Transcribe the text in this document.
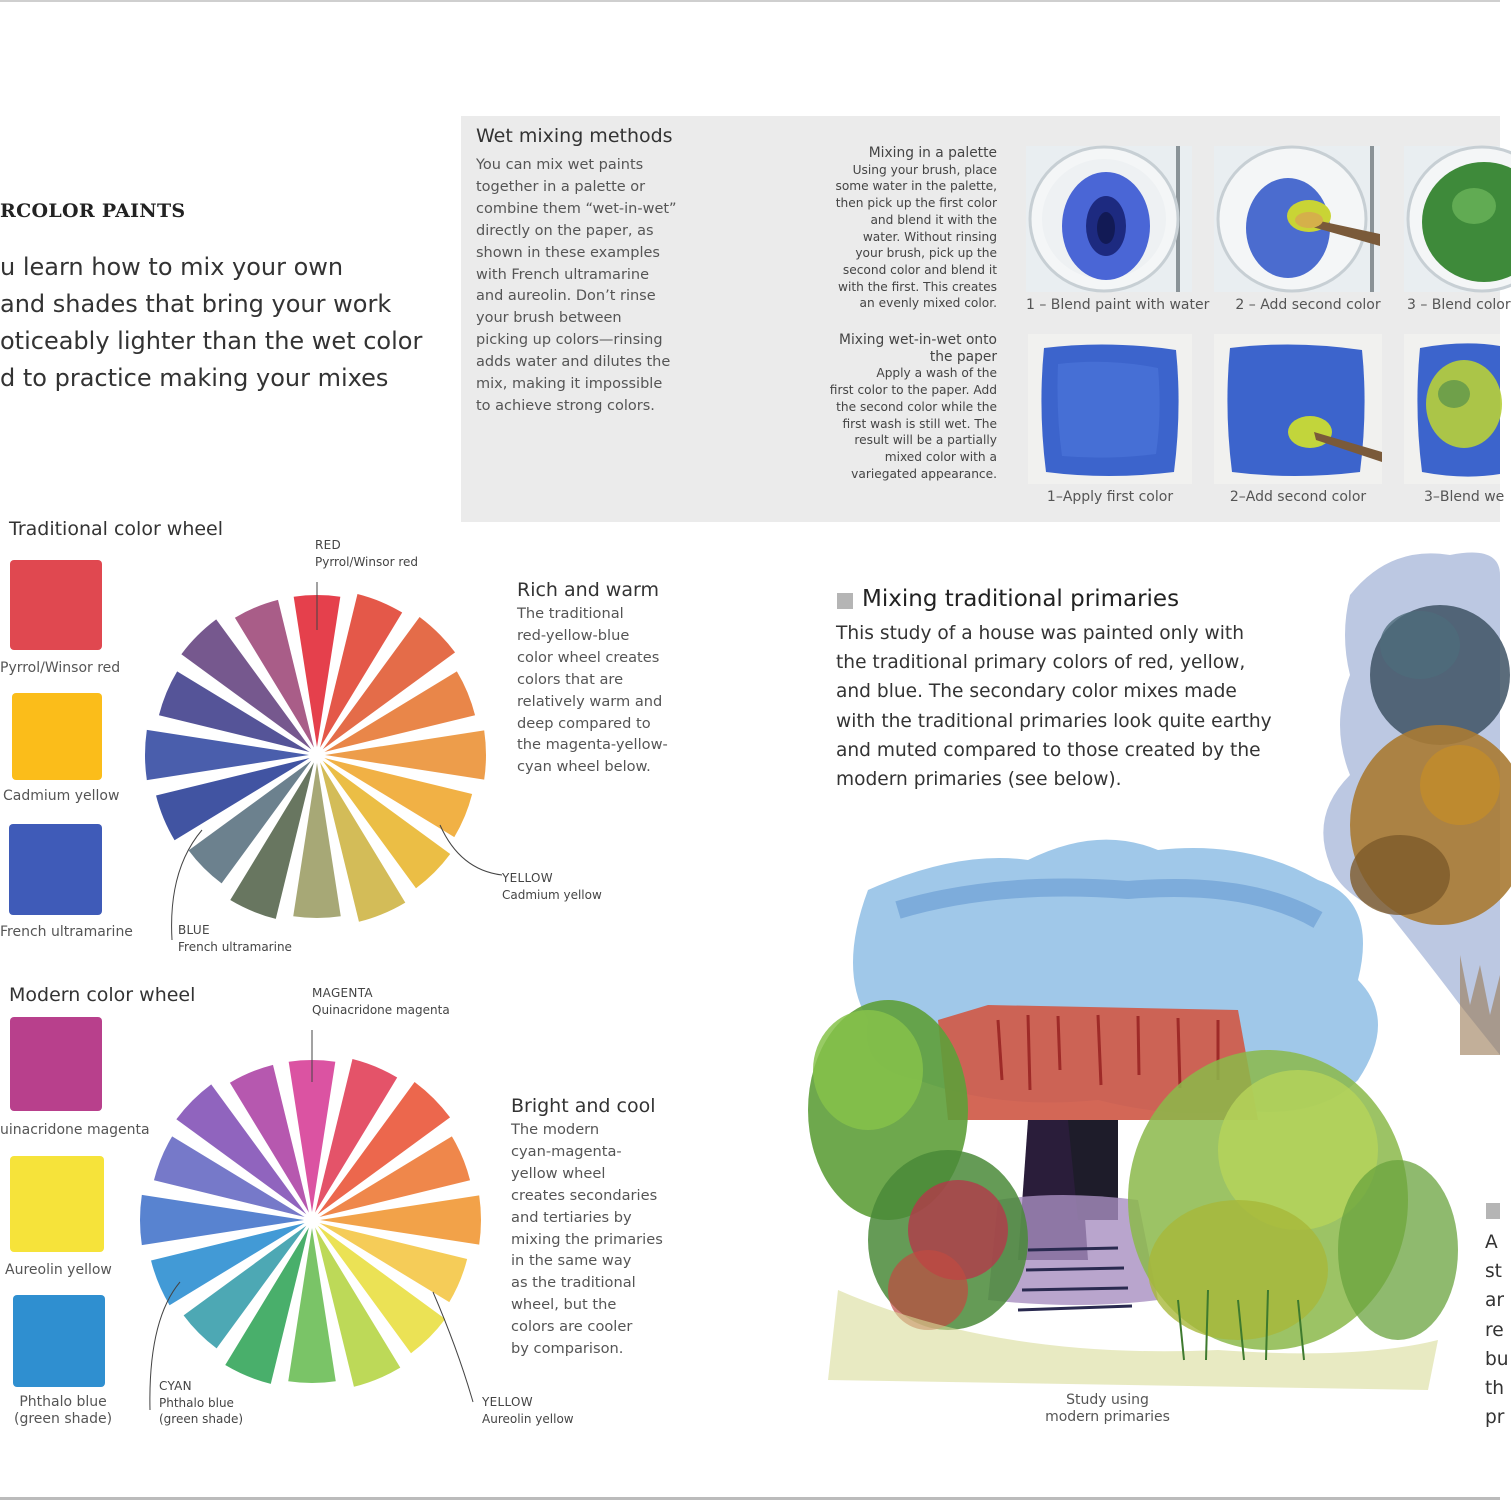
RCOLOR PAINTS
u learn how to mix your own
and shades that bring your work
oticeably lighter than the wet color
d to practice making your mixes
Wet mixing methods
You can mix wet paints
together in a palette or
combine them “wet-in-wet”
directly on the paper, as
shown in these examples
with French ultramarine
and aureolin. Don’t rinse
your brush between
picking up colors—rinsing
adds water and dilutes the
mix, making it impossible
to achieve strong colors.
Mixing in a palette
Using your brush, place
some water in the palette,
then pick up the first color
and blend it with the
water. Without rinsing
your brush, pick up the
second color and blend it
with the first. This creates
an evenly mixed color.
Mixing wet-in-wet onto
the paper
Apply a wash of the
first color to the paper. Add
the second color while the
first wash is still wet. The
result will be a partially
mixed color with a
variegated appearance.
1 – Blend paint with water	2 – Add second color	3 – Blend color
1–Apply first color	2–Add second color	3–Blend we
Traditional color wheel
Pyrrol/Winsor red
Cadmium yellow
French ultramarine
RED
Pyrrol/Winsor red
YELLOW
Cadmium yellow
BLUE
French ultramarine
Rich and warm
The traditional
red-yellow-blue
color wheel creates
colors that are
relatively warm and
deep compared to
the magenta-yellow-
cyan wheel below.
Modern color wheel
uinacridone magenta
Aureolin yellow
Phthalo blue
(green shade)
MAGENTA
Quinacridone magenta
YELLOW
Aureolin yellow
CYAN
Phthalo blue
(green shade)
Bright and cool
The modern
cyan-magenta-
yellow wheel
creates secondaries
and tertiaries by
mixing the primaries
in the same way
as the traditional
wheel, but the
colors are cooler
by comparison.
Mixing traditional primaries
This study of a house was painted only with
the traditional primary colors of red, yellow,
and blue. The secondary color mixes made
with the traditional primaries look quite earthy
and muted compared to those created by the
modern primaries (see below).
Study using
modern primaries
A
st
ar
re
bu
th
pr
